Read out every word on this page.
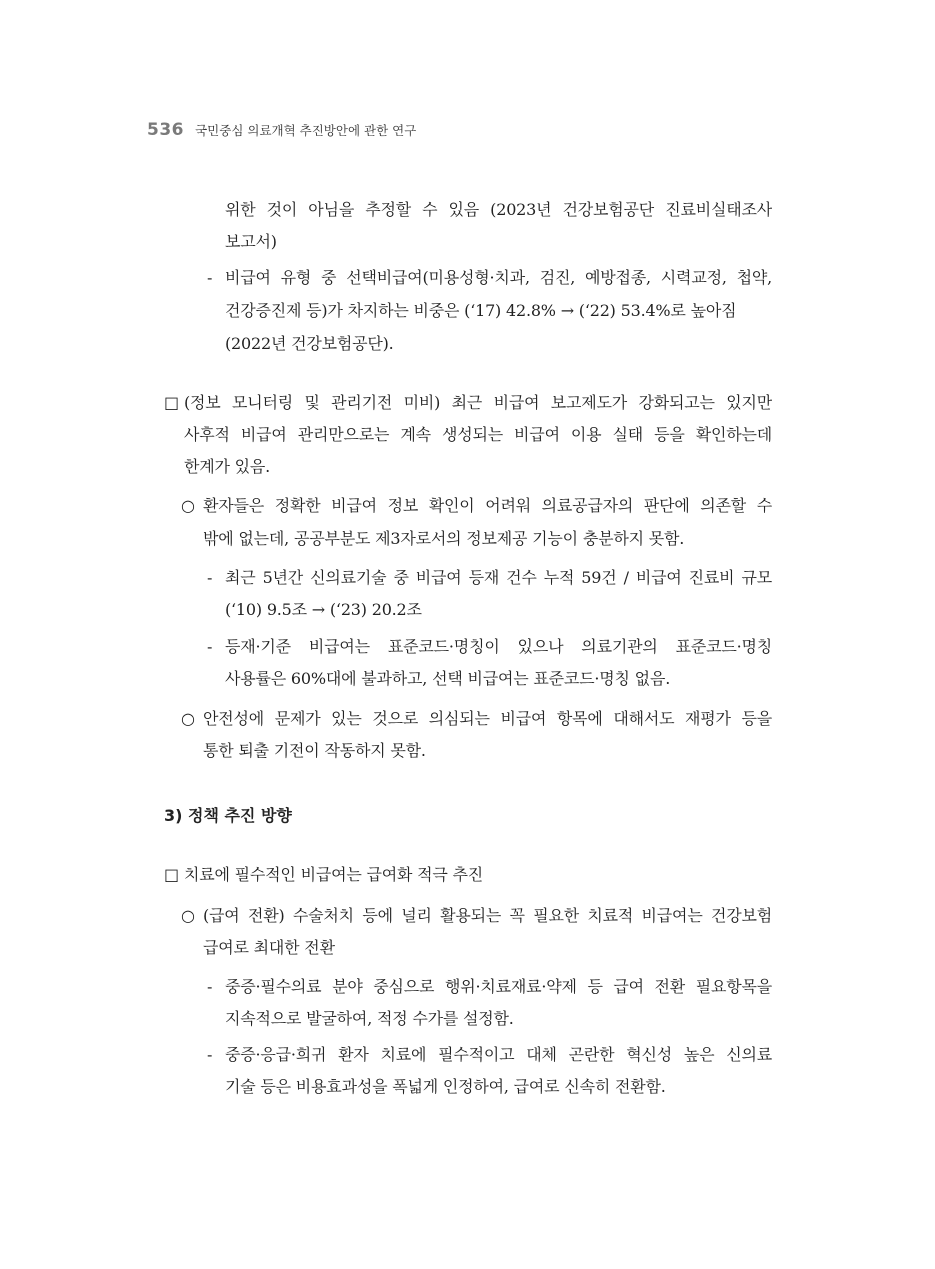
536 국민중심 의료개혁 추진방안에 관한 연구
위한 것이 아님을 추정할 수 있음 (2023년 건강보험공단 진료비실태조사
보고서)
- 비급여 유형 중 선택비급여(미용성형·치과, 검진, 예방접종, 시력교정, 첩약,
건강증진제 등)가 차지하는 비중은 (‘17) 42.8% → (‘22) 53.4%로 높아짐
(2022년 건강보험공단).
□ (정보 모니터링 및 관리기전 미비) 최근 비급여 보고제도가 강화되고는 있지만
사후적 비급여 관리만으로는 계속 생성되는 비급여 이용 실태 등을 확인하는데
한계가 있음.
○ 환자들은 정확한 비급여 정보 확인이 어려워 의료공급자의 판단에 의존할 수
밖에 없는데, 공공부분도 제3자로서의 정보제공 기능이 충분하지 못함.
- 최근 5년간 신의료기술 중 비급여 등재 건수 누적 59건 / 비급여 진료비 규모
(‘10) 9.5조 → (‘23) 20.2조
- 등재·기준 비급여는 표준코드·명칭이 있으나 의료기관의 표준코드·명칭
사용률은 60%대에 불과하고, 선택 비급여는 표준코드·명칭 없음.
○ 안전성에 문제가 있는 것으로 의심되는 비급여 항목에 대해서도 재평가 등을
통한 퇴출 기전이 작동하지 못함.
3) 정책 추진 방향
□ 치료에 필수적인 비급여는 급여화 적극 추진
○ (급여 전환) 수술처치 등에 널리 활용되는 꼭 필요한 치료적 비급여는 건강보험
급여로 최대한 전환
- 중증·필수의료 분야 중심으로 행위·치료재료·약제 등 급여 전환 필요항목을
지속적으로 발굴하여, 적정 수가를 설정함.
- 중증·응급·희귀 환자 치료에 필수적이고 대체 곤란한 혁신성 높은 신의료
기술 등은 비용효과성을 폭넓게 인정하여, 급여로 신속히 전환함.
